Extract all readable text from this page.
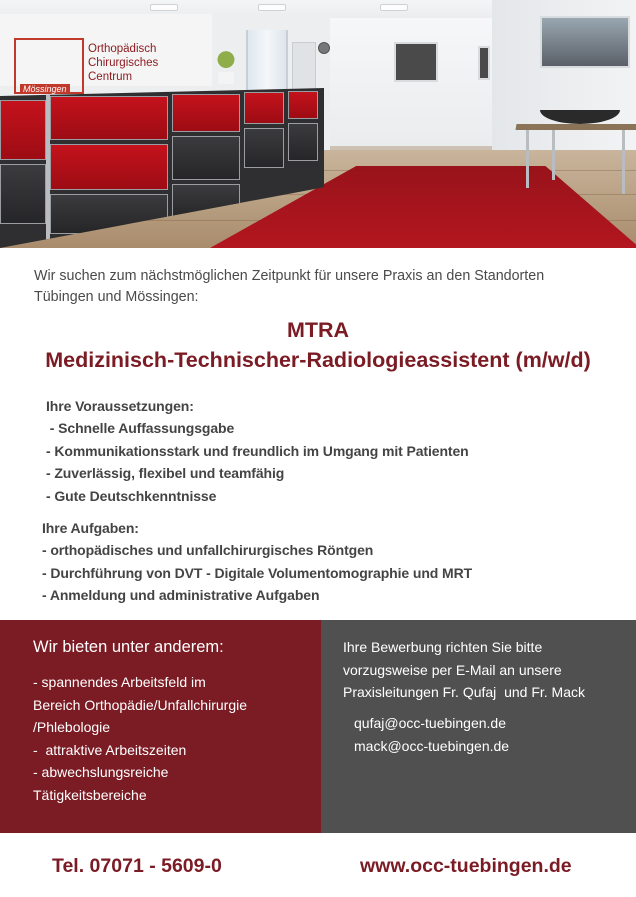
Mössingen
Orthopädisch
Chirurgisches
Centrum
Wir suchen zum nächstmöglichen Zeitpunkt für unsere Praxis an den Standorten Tübingen und Mössingen:
MTRA
Medizinisch-Technischer-Radiologieassistent (m/w/d)
Ihre Voraussetzungen:
- Schnelle Auffassungsgabe
- Kommunikationsstark und freundlich im Umgang mit Patienten
- Zuverlässig, flexibel und teamfähig
- Gute Deutschkenntnisse
Ihre Aufgaben:
- orthopädisches und unfallchirurgisches Röntgen
- Durchführung von DVT - Digitale Volumentomographie und MRT
- Anmeldung und administrative Aufgaben
Wir bieten unter anderem:
- spannendes Arbeitsfeld im
Bereich Orthopädie/Unfallchirurgie
/Phlebologie
-  attraktive Arbeitszeiten
- abwechslungsreiche
Tätigkeitsbereiche
Ihre Bewerbung richten Sie bitte
vorzugsweise per E-Mail an unsere
Praxisleitungen Fr. Qufaj  und Fr. Mack
qufaj@occ-tuebingen.de
mack@occ-tuebingen.de
Tel. 07071 - 5609-0	www.occ-tuebingen.de
